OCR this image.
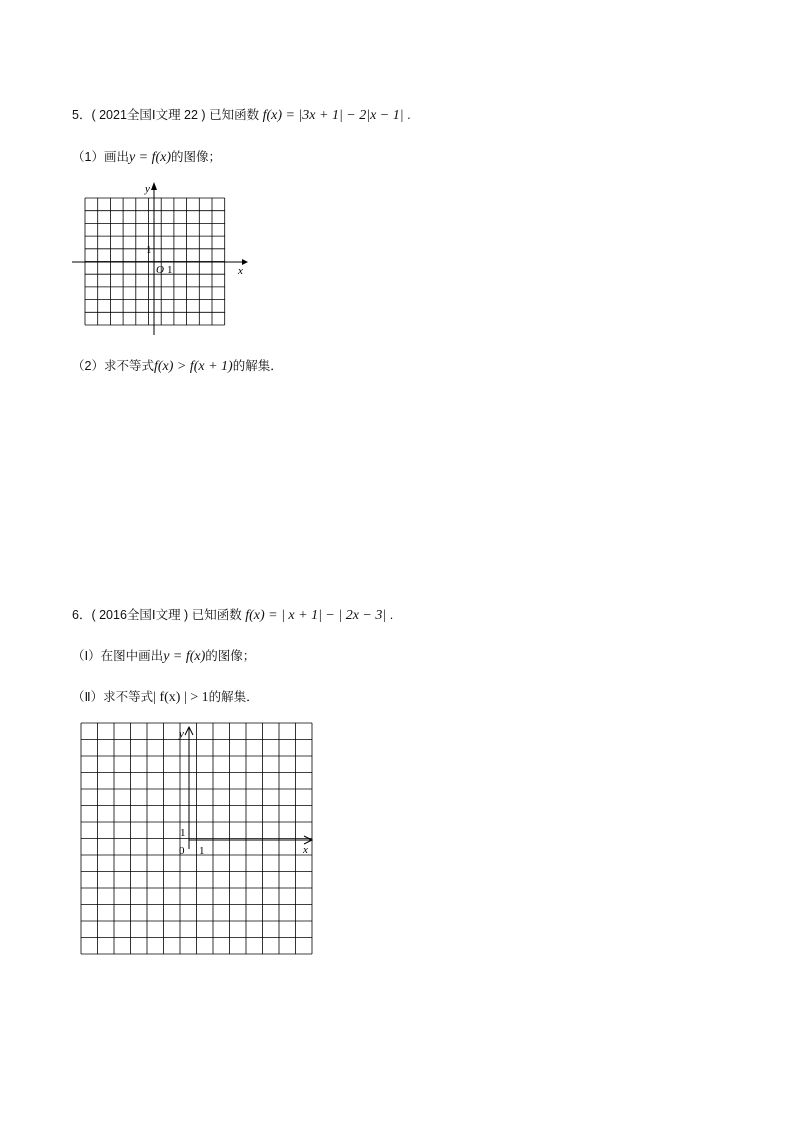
5．( 2021全国Ⅰ文理 22 ) 已知函数 f(x) = |3x + 1| − 2|x − 1| .
（1）画出y = f(x)的图像；
y
x
O 1
1
（2）求不等式f(x) > f(x + 1)的解集．
6．( 2016全国Ⅰ文理 ) 已知函数 f(x) = | x + 1| − | 2x − 3| .
（Ⅰ）在图中画出y = f(x)的图像；
（Ⅱ）求不等式| f(x) | > 1的解集．
y
x
0 1
1
